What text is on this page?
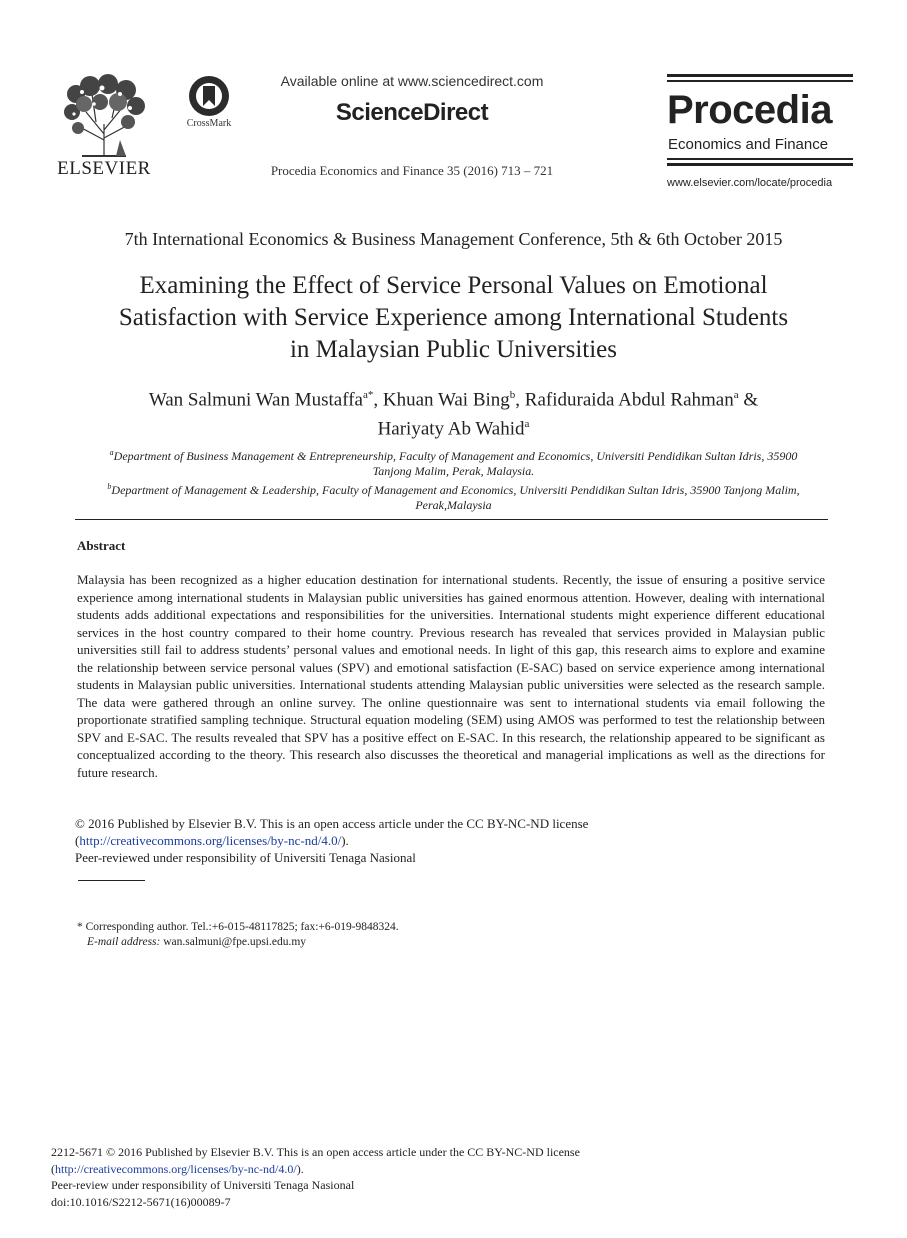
ELSEVIER
CrossMark
Available online at www.sciencedirect.com
ScienceDirect
Procedia Economics and Finance 35 (2016) 713 – 721
Procedia
Economics and Finance
www.elsevier.com/locate/procedia
7th International Economics & Business Management Conference, 5th & 6th October 2015
Examining the Effect of Service Personal Values on Emotional
Satisfaction with Service Experience among International Students
in Malaysian Public Universities
Wan Salmuni Wan Mustaffa$^{a*}$, Khuan Wai Bing$^b$, Rafiduraida Abdul Rahman$^a$ &
Hariyaty Ab Wahid$^a$
$^a$Department of Business Management & Entrepreneurship, Faculty of Management and Economics, Universiti Pendidikan Sultan Idris, 35900
Tanjong Malim, Perak, Malaysia.
$^b$Department of Management & Leadership, Faculty of Management and Economics, Universiti Pendidikan Sultan Idris, 35900 Tanjong Malim,
Perak,Malaysia
Abstract
Malaysia has been recognized as a higher education destination for international students. Recently, the issue of ensuring a positive service experience among international students in Malaysian public universities has gained enormous attention. However, dealing with international students adds additional expectations and responsibilities for the universities. International students might experience different educational services in the host country compared to their home country. Previous research has revealed that services provided in Malaysian public universities still fail to address students’ personal values and emotional needs. In light of this gap, this research aims to explore and examine the relationship between service personal values (SPV) and emotional satisfaction (E-SAC) based on service experience among international students in Malaysian public universities. International students attending Malaysian public universities were selected as the research sample. The data were gathered through an online survey. The online questionnaire was sent to international students via email following the proportionate stratified sampling technique. Structural equation modeling (SEM) using AMOS was performed to test the relationship between SPV and E-SAC. The results revealed that SPV has a positive effect on E-SAC. In this research, the relationship appeared to be significant as conceptualized according to the theory. This research also discusses the theoretical and managerial implications as well as the directions for future research.
© 2016 Published by Elsevier B.V. This is an open access article under the CC BY-NC-ND license
(http://creativecommons.org/licenses/by-nc-nd/4.0/).
Peer-reviewed under responsibility of Universiti Tenaga Nasional
* Corresponding author. Tel.:+6-015-48117825; fax:+6-019-9848324.
E-mail address: wan.salmuni@fpe.upsi.edu.my
2212-5671 © 2016 Published by Elsevier B.V. This is an open access article under the CC BY-NC-ND license
(http://creativecommons.org/licenses/by-nc-nd/4.0/).
Peer-review under responsibility of Universiti Tenaga Nasional
doi:10.1016/S2212-5671(16)00089-7
